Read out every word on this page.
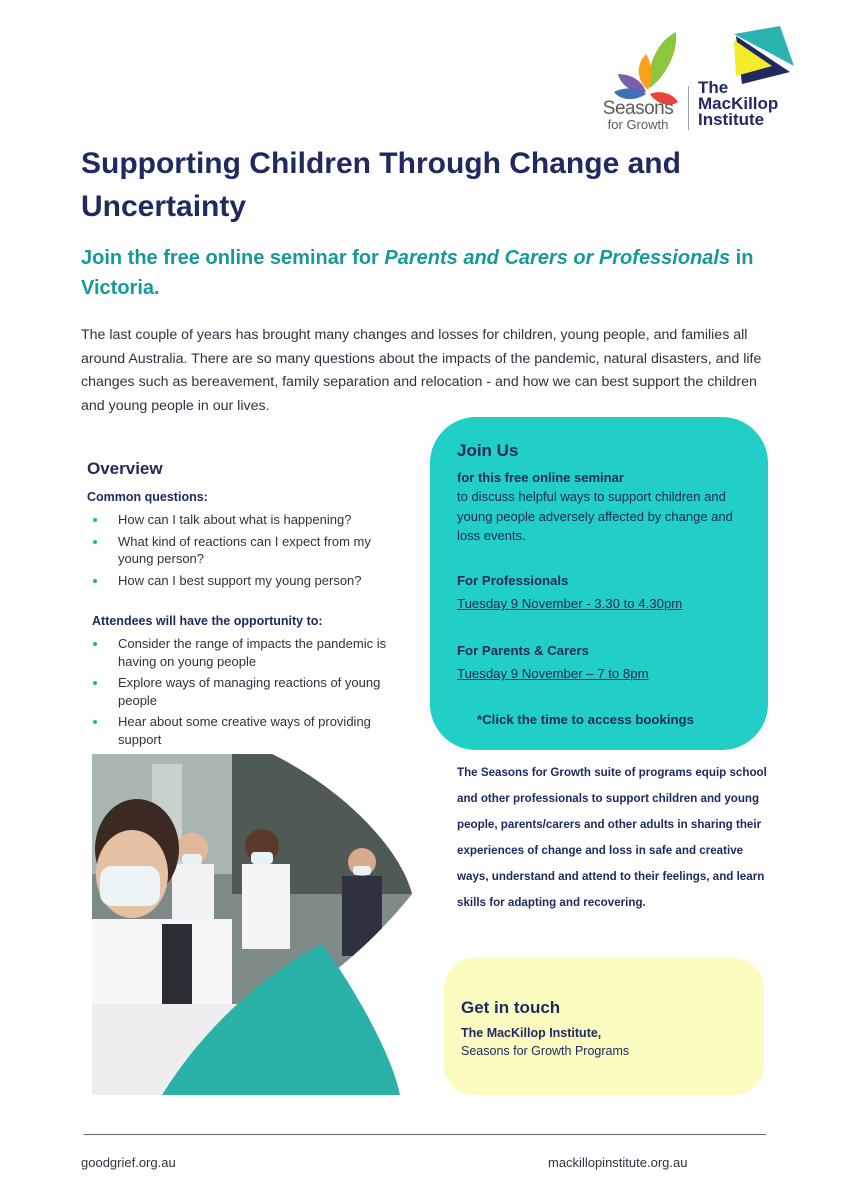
Seasons
for Growth
The
MacKillop
Institute
Supporting Children Through Change and Uncertainty

Join the free online seminar for Parents and Carers or Professionals in Victoria.

The last couple of years has brought many changes and losses for children, young people, and families all around Australia. There are so many questions about the impacts of the pandemic, natural disasters, and life changes such as bereavement, family separation and relocation - and how we can best support the children and young people in our lives.

Overview
Common questions:
How can I talk about what is happening?
What kind of reactions can I expect from my young person?
How can I best support my young person?
Attendees will have the opportunity to:
Consider the range of impacts the pandemic is having on young people
Explore ways of managing reactions of young people
Hear about some creative ways of providing support
Join Us
for this free online seminar
to discuss helpful ways to support children and young people adversely affected by change and loss events.
For Professionals
Tuesday 9 November - 3.30 to 4.30pm
For Parents & Carers
Tuesday 9 November – 7 to 8pm
*Click the time to access bookings

The Seasons for Growth suite of programs equip school and other professionals to support children and young people, parents/carers and other adults in sharing their experiences of change and loss in safe and creative ways, understand and attend to their feelings, and learn skills for adapting and recovering.

Get in touch
The MacKillop Institute,
Seasons for Growth Programs
goodgrief.org.au	mackillopinstitute.org.au
